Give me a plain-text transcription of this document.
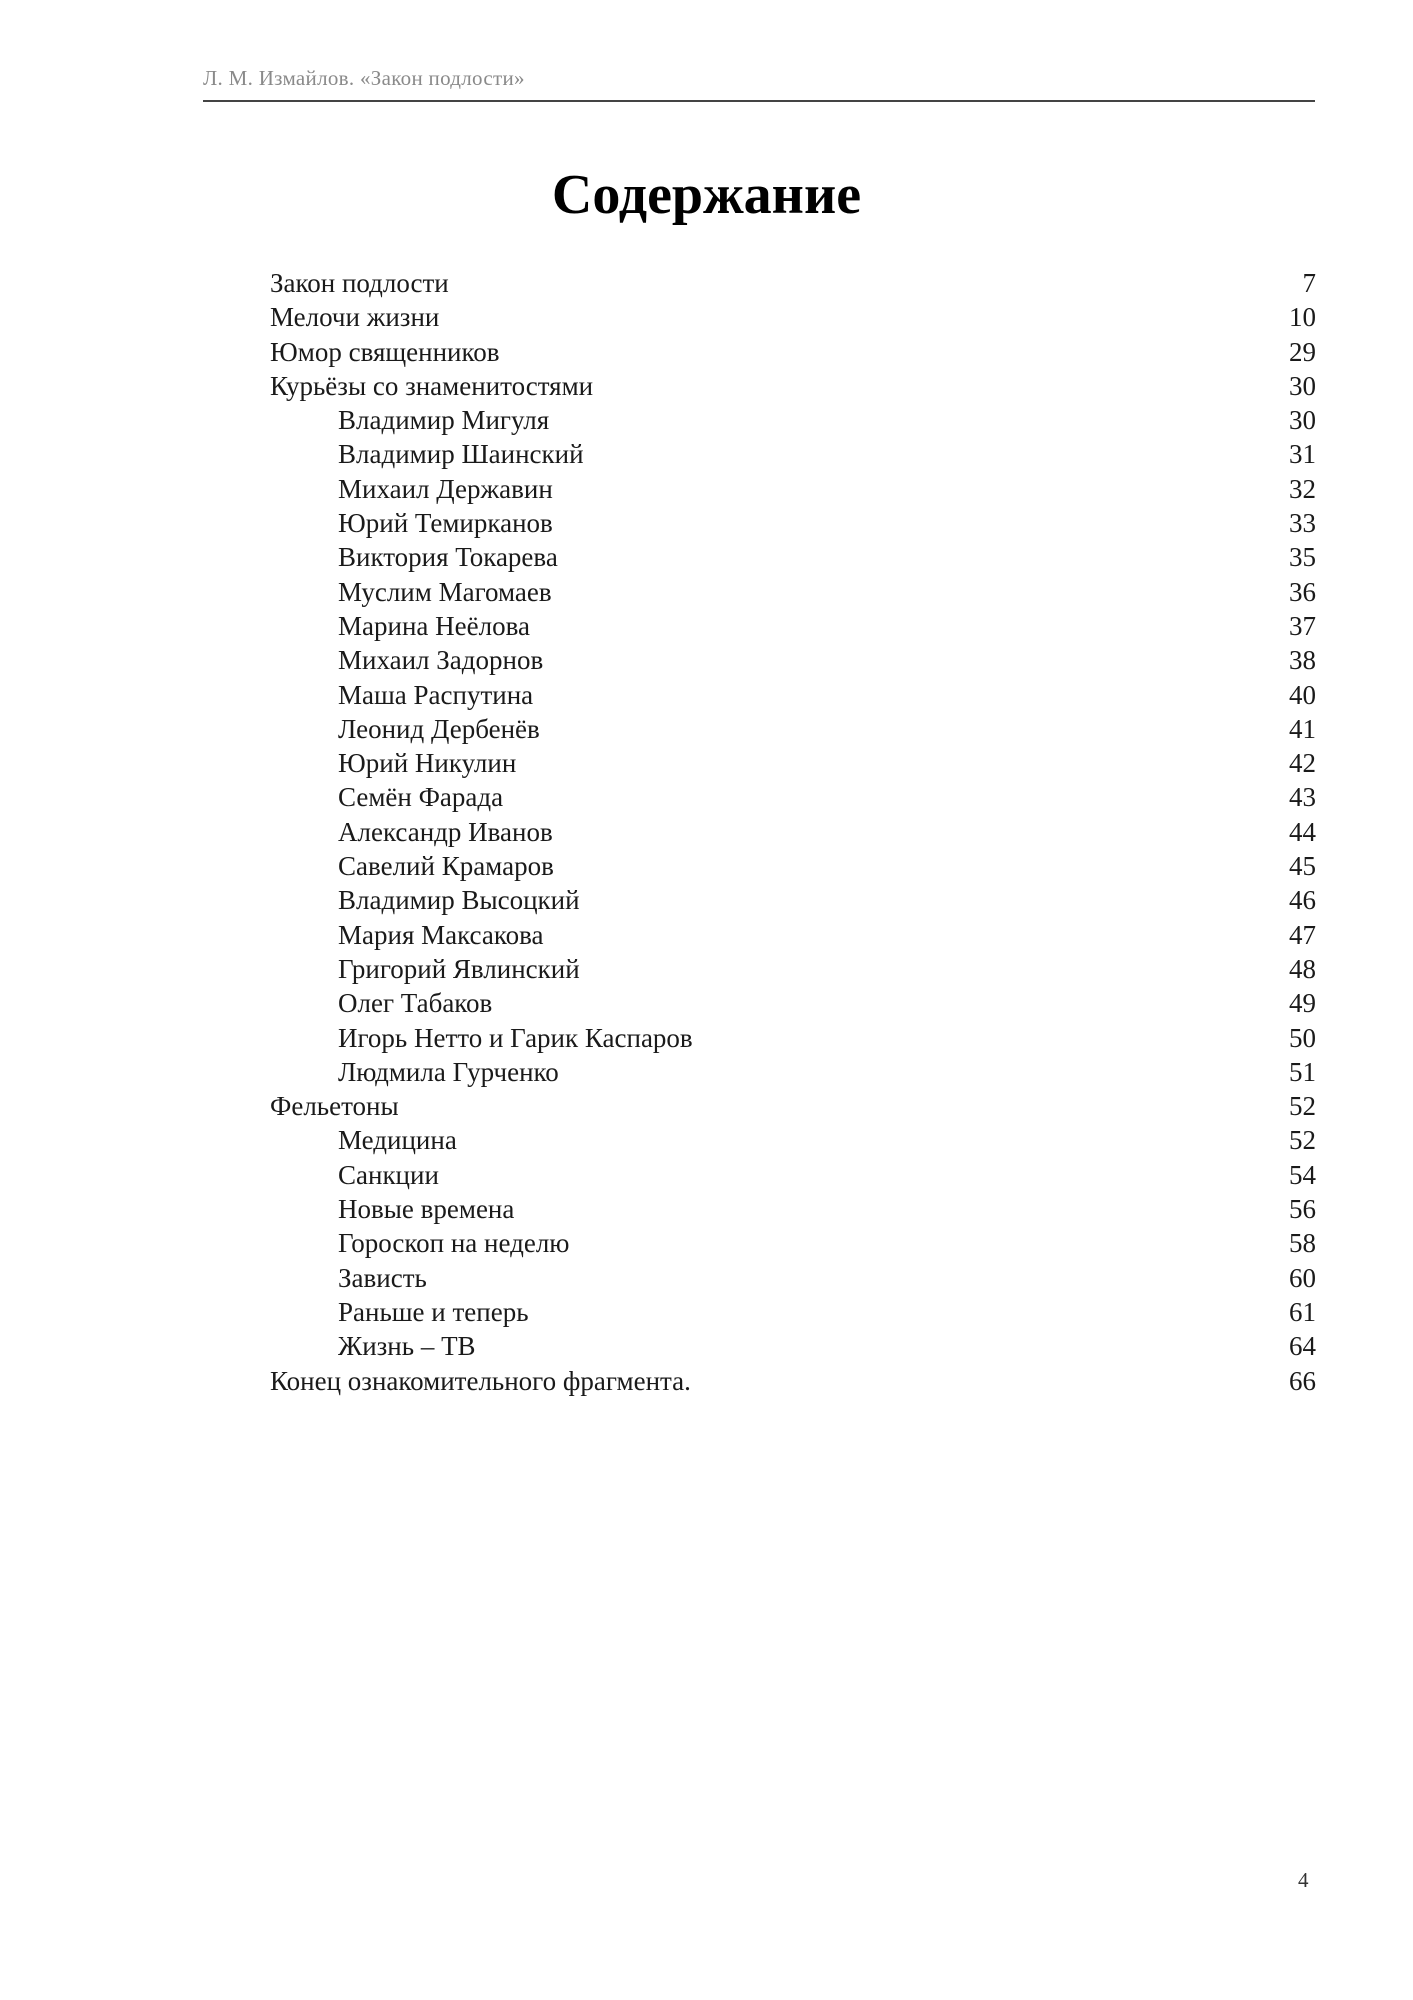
Л. М. Измайлов. «Закон подлости»
Содержание
Закон подлости	7
Мелочи жизни	10
Юмор священников	29
Курьёзы со знаменитостями	30
Владимир Мигуля	30
Владимир Шаинский	31
Михаил Державин	32
Юрий Темирканов	33
Виктория Токарева	35
Муслим Магомаев	36
Марина Неёлова	37
Михаил Задорнов	38
Маша Распутина	40
Леонид Дербенёв	41
Юрий Никулин	42
Семён Фарада	43
Александр Иванов	44
Савелий Крамаров	45
Владимир Высоцкий	46
Мария Максакова	47
Григорий Явлинский	48
Олег Табаков	49
Игорь Нетто и Гарик Каспаров	50
Людмила Гурченко	51
Фельетоны	52
Медицина	52
Санкции	54
Новые времена	56
Гороскоп на неделю	58
Зависть	60
Раньше и теперь	61
Жизнь – ТВ	64
Конец ознакомительного фрагмента.	66
4
